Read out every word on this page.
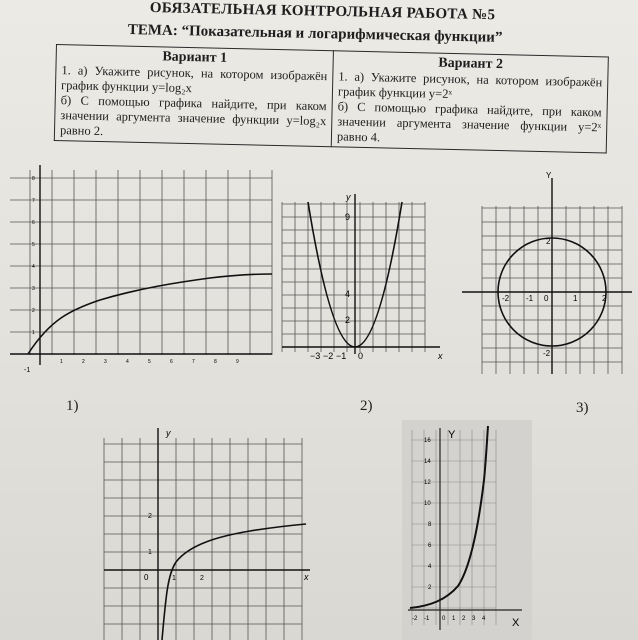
ОБЯЗАТЕЛЬНАЯ КОНТРОЛЬНАЯ РАБОТА №5
ТЕМА: “Показательная и логарифмическая функции”
Вариант 1
1. а) Укажите рисунок, на котором изображён график функции y=log₂x
б) С помощью графика найдите, при каком значении аргумента значение функции y=log₂x равно 2.

Вариант 2
1. а) Укажите рисунок, на котором изображён график функции y=2ˣ
б) С помощью графика найдите, при каком значении аргумента значение функции y=2ˣ равно 4.
-1
1	2	3	4	5	6	7	8	9
1
2
3
4
5
6
7
8
y
x
9
4
2
−3 −2 −1 0
Y
-2 -1 0	1	2
2
-2
1)	2)	3)
y
x
0	1	2
1
2
Y
X
16
14
12
10
8
6
4
2
-2 -1 0 1 2 3 4
